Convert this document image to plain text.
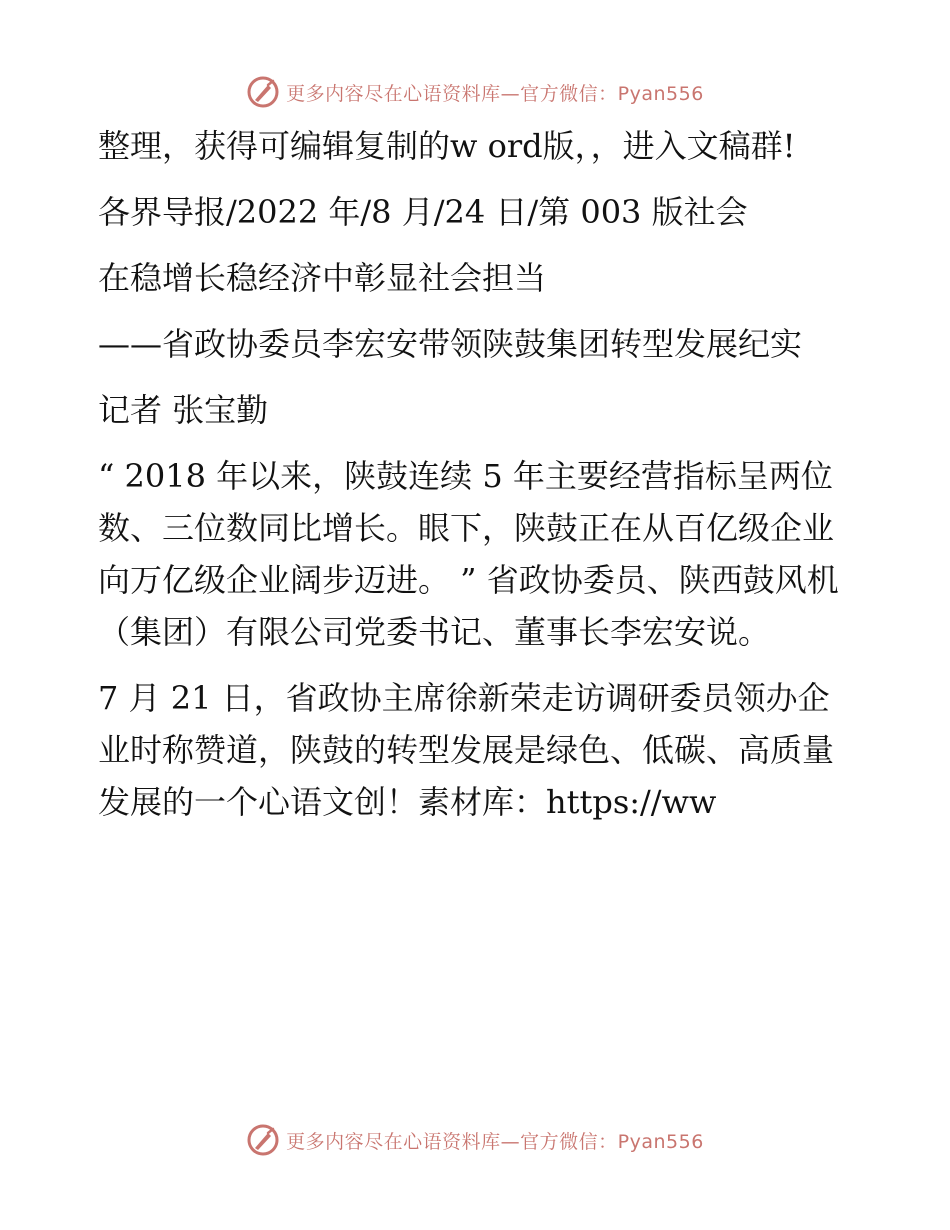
更多内容尽在心语资料库—官方微信：Pyan556

整理，获得可编辑复制的w ord版，，进入文稿群!

各界导报/2022 年/8 月/24 日/第 003 版社会

在稳增长稳经济中彰显社会担当

——省政协委员李宏安带领陕鼓集团转型发展纪实

记者 张宝勤

“ 2018 年以来，陕鼓连续 5 年主要经营指标呈两位数、三位数同比增长。眼下，陕鼓正在从百亿级企业向万亿级企业阔步迈进。 ” 省政协委员、陕西鼓风机（集团）有限公司党委书记、董事长李宏安说。

7 月 21 日，省政协主席徐新荣走访调研委员领办企业时称赞道，陕鼓的转型发展是绿色、低碳、高质量发展的一个心语文创！素材库：https://ww

更多内容尽在心语资料库—官方微信：Pyan556
